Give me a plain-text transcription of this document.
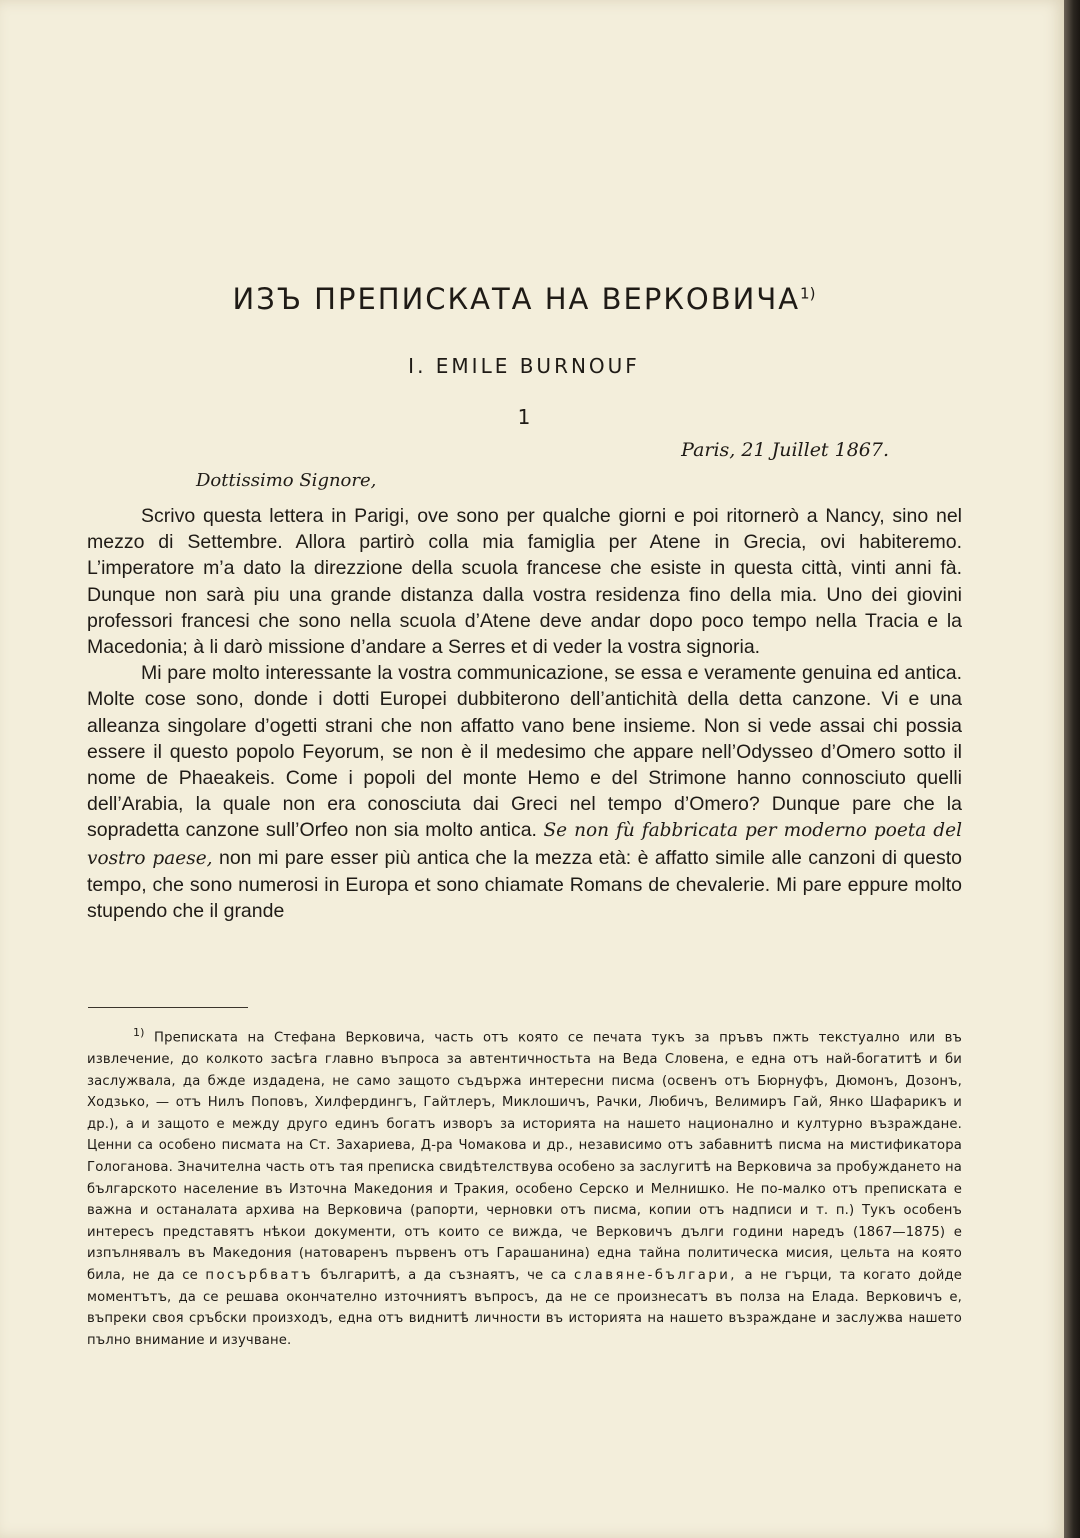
ИЗЪ ПРЕПИСКАТА НА ВЕРКОВИЧА$^{1)}$
I. EMILE BURNOUF
1
Paris, 21 Juillet 1867.
Dottissimo Signore,

Scrivo questa lettera in Parigi, ove sono per qualche giorni e poi ritornerò a Nancy, sino nel mezzo di Settembre. Allora partirò colla mia famiglia per Atene in Grecia, ovi habiteremo. L’imperatore m’a dato la direzzione della scuola francese che esiste in questa città, vinti anni fà. Dunque non sarà piu una grande distanza dalla vostra residenza fino della mia. Uno dei giovini professori francesi che sono nella scuola d’Atene deve andar dopo poco tempo nella Tracia e la Macedonia; à li darò missione d’andare a Serres et di veder la vostra signoria.

Mi pare molto interessante la vostra communicazione, se essa e veramente genuina ed antica. Molte cose sono, donde i dotti Europei dubbiterono dell’antichità della detta canzone. Vi e una alleanza singolare d’ogetti strani che non affatto vano bene insieme. Non si vede assai chi possia essere il questo popolo Feyorum, se non è il medesimo che appare nell’Odysseo d’Omero sotto il nome de Phaeakeis. Come i popoli del monte Hemo e del Strimone hanno connosciuto quelli dell’Arabia, la quale non era conosciuta dai Greci nel tempo d’Omero? Dunque pare che la sopradetta canzone sull’Orfeo non sia molto antica. Se non fù fabbricata per moderno poeta del vostro paese, non mi pare esser più antica che la mezza età: è affatto simile alle canzoni di questo tempo, che sono numerosi in Europa et sono chiamate Romans de chevalerie. Mi pare eppure molto stupendo che il grande

$^{1)}$ Преписката на Стефана Верковича, часть отъ която се печата тукъ за пръвъ пжть текстуално или въ извлечение, до колкото засѣга главно въпроса за автентичностьта на Веда Словена, е една отъ най-богатитѣ и би заслужвала, да бжде издадена, не само защото съдържа интересни писма (освенъ отъ Бюрнуфъ, Дюмонъ, Дозонъ, Ходзько, — отъ Нилъ Поповъ, Хилфердингъ, Гайтлеръ, Миклошичъ, Рачки, Любичъ, Велимиръ Гай, Янко Шафарикъ и др.), а и защото е между друго единъ богатъ изворъ за историята на нашето национално и културно възраждане. Ценни са особено писмата на Ст. Захариева, Д-ра Чомакова и др., независимо отъ забавнитѣ писма на мистификатора Гологанова. Значителна часть отъ тая преписка свидѣтелствува особено за заслугитѣ на Верковича за пробуждането на българското население въ Източна Македония и Тракия, особено Серско и Мелнишко. Не по-малко отъ преписката е важна и останалата архива на Верковича (рапорти, черновки отъ писма, копии отъ надписи и т. п.) Тукъ особенъ интересъ представятъ нѣкои документи, отъ които се вижда, че Верковичъ дълги години наредъ (1867—1875) е изпълнявалъ въ Македония (натоваренъ първенъ отъ Гарашанина) една тайна политическа мисия, цельта на която била, не да се посърбватъ българитѣ, а да съзнаятъ, че са славяне-българи, а не гърци, та когато дойде моментътъ, да се решава окончателно източниятъ въпросъ, да не се произнесатъ въ полза на Елада. Верковичъ е, въпреки своя сръбски произходъ, една отъ виднитѣ личности въ историята на нашето възраждане и заслужва нашето пълно внимание и изучване.
